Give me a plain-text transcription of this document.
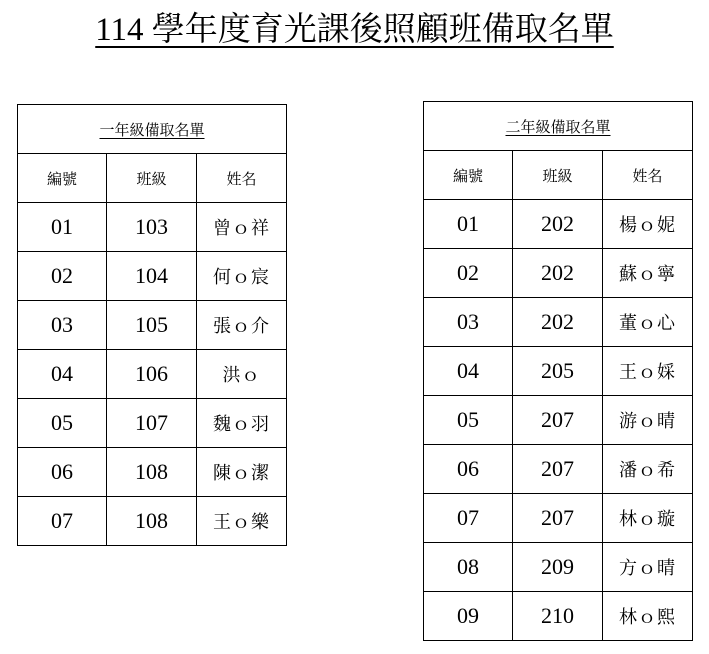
114 學年度育光課後照顧班備取名單
一年級備取名單		
編號	班級	姓名
01	103	曾ｏ祥
02	104	何ｏ宸
03	105	張ｏ介
04	106	洪ｏ
05	107	魏ｏ羽
06	108	陳ｏ潔
07	108	王ｏ樂
二年級備取名單		
編號	班級	姓名
01	202	楊ｏ妮
02	202	蘇ｏ寧
03	202	董ｏ心
04	205	王ｏ婇
05	207	游ｏ晴
06	207	潘ｏ希
07	207	林ｏ璇
08	209	方ｏ晴
09	210	林ｏ熙
